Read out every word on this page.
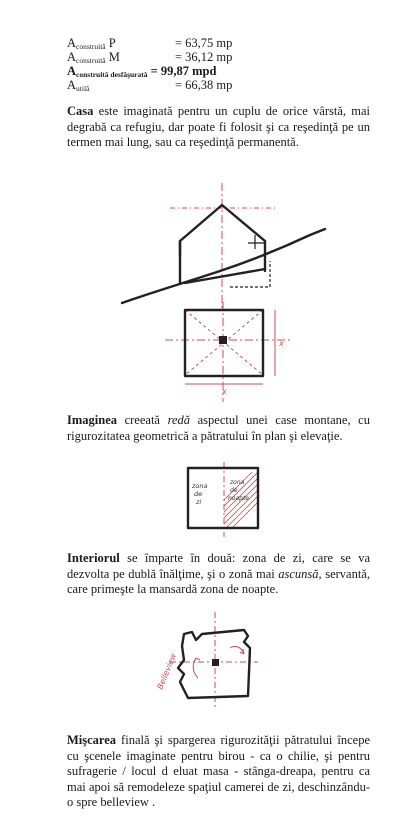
$A_{construită}$ P	= 63,75 mp
$A_{construită}$ M	= 36,12 mp
$A_{construită desfăşurată} = 99,87$ mpd
$A_{utilă}$	= 66,38 mp
Casa este imaginată pentru un cuplu de orice vârstă, mai degrabă ca refugiu, dar poate fi folosit şi ca reşedinţă pe un termen mai lung, sau ca reşedinţă permanentă.
x
x
Imaginea creeată redă aspectul unei case montane, cu rigurozitatea geometrică a pătratului în plan şi elevaţie.
zona
de
zi
zona
de
noapte
Interiorul se împarte în două: zona de zi, care se va dezvolta pe dublă înălţime, şi o zonă mai ascunsă, servantă, care primeşte la mansardă zona de noapte.
Belleview
Mişcarea finală şi spargerea rigurozităţii pătratului începe cu şcenele imaginate pentru birou - ca o chilie, şi pentru sufragerie / locul d eluat masa - stânga-dreapa, pentru ca mai apoi să remodeleze spaţiul camerei de zi, deschinzându-o spre belleview .
